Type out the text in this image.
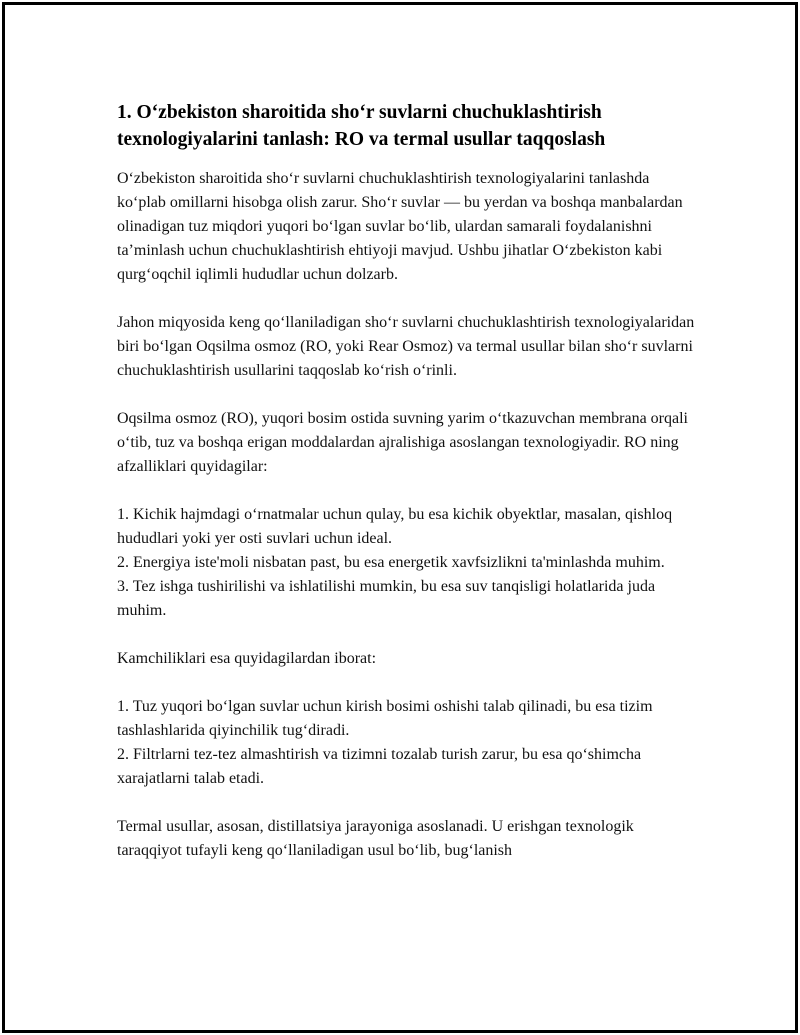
1. O‘zbekiston sharoitida sho‘r suvlarni chuchuklashtirish texnologiyalarini tanlash: RO va termal usullar taqqoslash

O‘zbekiston sharoitida sho‘r suvlarni chuchuklashtirish texnologiyalarini tanlashda ko‘plab omillarni hisobga olish zarur. Sho‘r suvlar — bu yerdan va boshqa manbalardan olinadigan tuz miqdori yuqori bo‘lgan suvlar bo‘lib, ulardan samarali foydalanishni ta’minlash uchun chuchuklashtirish ehtiyoji mavjud. Ushbu jihatlar O‘zbekiston kabi qurg‘oqchil iqlimli hududlar uchun dolzarb.

Jahon miqyosida keng qo‘llaniladigan sho‘r suvlarni chuchuklashtirish texnologiyalaridan biri bo‘lgan Oqsilma osmoz (RO, yoki Rear Osmoz) va termal usullar bilan sho‘r suvlarni chuchuklashtirish usullarini taqqoslab ko‘rish o‘rinli.

Oqsilma osmoz (RO), yuqori bosim ostida suvning yarim o‘tkazuvchan membrana orqali o‘tib, tuz va boshqa erigan moddalardan ajralishiga asoslangan texnologiyadir. RO ning afzalliklari quyidagilar:

1. Kichik hajmdagi o‘rnatmalar uchun qulay, bu esa kichik obyektlar, masalan, qishloq hududlari yoki yer osti suvlari uchun ideal.
2. Energiya iste'moli nisbatan past, bu esa energetik xavfsizlikni ta'minlashda muhim.
3. Tez ishga tushirilishi va ishlatilishi mumkin, bu esa suv tanqisligi holatlarida juda muhim.

Kamchiliklari esa quyidagilardan iborat:

1. Tuz yuqori bo‘lgan suvlar uchun kirish bosimi oshishi talab qilinadi, bu esa tizim tashlashlarida qiyinchilik tug‘diradi.
2. Filtrlarni tez-tez almashtirish va tizimni tozalab turish zarur, bu esa qo‘shimcha xarajatlarni talab etadi.

Termal usullar, asosan, distillatsiya jarayoniga asoslanadi. U erishgan texnologik taraqqiyot tufayli keng qo‘llaniladigan usul bo‘lib, bug‘lanish
